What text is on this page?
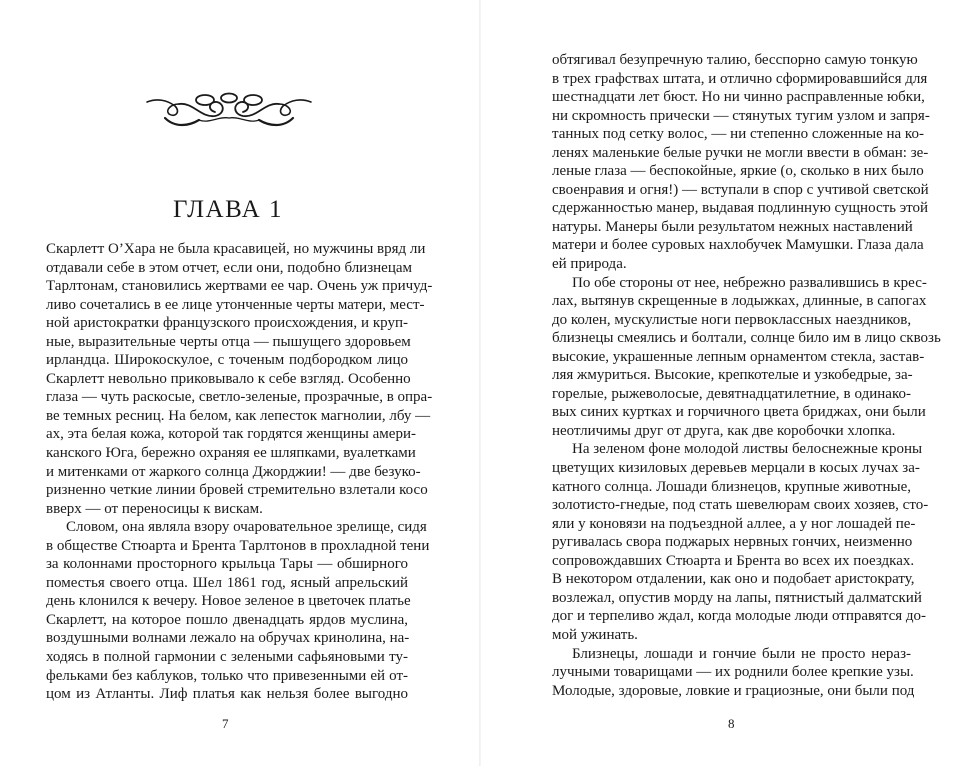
ГЛАВА 1
Скарлетт О’Хара не была красавицей, но мужчины вряд ли
отдавали себе в этом отчет, если они, подобно близнецам
Тарлтонам, становились жертвами ее чар. Очень уж причуд-
ливо сочетались в ее лице утонченные черты матери, мест-
ной аристократки французского происхождения, и круп-
ные, выразительные черты отца — пышущего здоровьем
ирландца. Широкоскулое, с точеным подбородком лицо
Скарлетт невольно приковывало к себе взгляд. Особенно
глаза — чуть раскосые, светло-зеленые, прозрачные, в опра-
ве темных ресниц. На белом, как лепесток магнолии, лбу —
ах, эта белая кожа, которой так гордятся женщины амери-
канского Юга, бережно охраняя ее шляпками, вуалетками
и митенками от жаркого солнца Джорджии! — две безуко-
ризненно четкие линии бровей стремительно взлетали косо
вверх — от переносицы к вискам.
Словом, она являла взору очаровательное зрелище, сидя
в обществе Стюарта и Брента Тарлтонов в прохладной тени
за колоннами просторного крыльца Тары — обширного
поместья своего отца. Шел 1861 год, ясный апрельский
день клонился к вечеру. Новое зеленое в цветочек платье
Скарлетт, на которое пошло двенадцать ярдов муслина,
воздушными волнами лежало на обручах кринолина, на-
ходясь в полной гармонии с зелеными сафьяновыми ту-
фельками без каблуков, только что привезенными ей от-
цом из Атланты. Лиф платья как нельзя более выгодно
7
обтягивал безупречную талию, бесспорно самую тонкую
в трех графствах штата, и отлично сформировавшийся для
шестнадцати лет бюст. Но ни чинно расправленные юбки,
ни скромность прически — стянутых тугим узлом и запря-
танных под сетку волос, — ни степенно сложенные на ко-
ленях маленькие белые ручки не могли ввести в обман: зе-
леные глаза — беспокойные, яркие (о, сколько в них было
своенравия и огня!) — вступали в спор с учтивой светской
сдержанностью манер, выдавая подлинную сущность этой
натуры. Манеры были результатом нежных наставлений
матери и более суровых нахлобучек Мамушки. Глаза дала
ей природа.
По обе стороны от нее, небрежно развалившись в крес-
лах, вытянув скрещенные в лодыжках, длинные, в сапогах
до колен, мускулистые ноги первоклассных наездников,
близнецы смеялись и болтали, солнце било им в лицо сквозь
высокие, украшенные лепным орнаментом стекла, застав-
ляя жмуриться. Высокие, крепкотелые и узкобедрые, за-
горелые, рыжеволосые, девятнадцатилетние, в одинако-
вых синих куртках и горчичного цвета бриджах, они были
неотличимы друг от друга, как две коробочки хлопка.
На зеленом фоне молодой листвы белоснежные кроны
цветущих кизиловых деревьев мерцали в косых лучах за-
катного солнца. Лошади близнецов, крупные животные,
золотисто-гнедые, под стать шевелюрам своих хозяев, сто-
яли у коновязи на подъездной аллее, а у ног лошадей пе-
ругивалась свора поджарых нервных гончих, неизменно
сопровождавших Стюарта и Брента во всех их поездках.
В некотором отдалении, как оно и подобает аристократу,
возлежал, опустив морду на лапы, пятнистый далматский
дог и терпеливо ждал, когда молодые люди отправятся до-
мой ужинать.
Близнецы, лошади и гончие были не просто нераз-
лучными товарищами — их роднили более крепкие узы.
Молодые, здоровые, ловкие и грациозные, они были под
8
